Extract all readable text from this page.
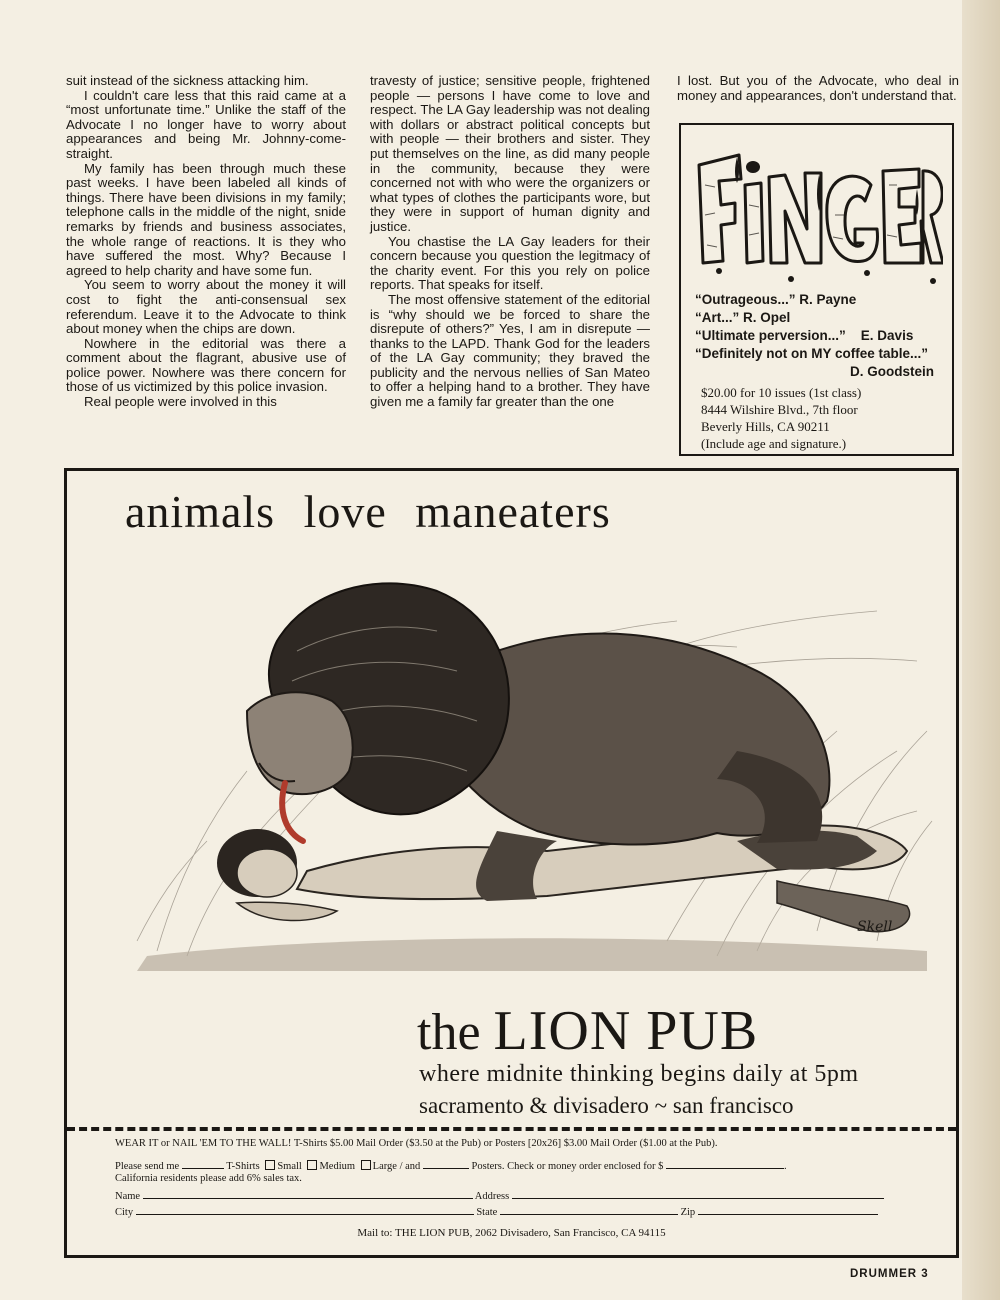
suit instead of the sickness attacking him.

I couldn't care less that this raid came at a “most unfortunate time.” Unlike the staff of the Advocate I no longer have to worry about appearances and being Mr. Johnny-come-straight.

My family has been through much these past weeks. I have been labeled all kinds of things. There have been divisions in my family; telephone calls in the middle of the night, snide remarks by friends and business associates, the whole range of reactions. It is they who have suffered the most. Why? Because I agreed to help charity and have some fun.

You seem to worry about the money it will cost to fight the anti-consensual sex referendum. Leave it to the Advocate to think about money when the chips are down.

Nowhere in the editorial was there a comment about the flagrant, abusive use of police power. Nowhere was there concern for those of us victimized by this police invasion.

Real people were involved in this

travesty of justice; sensitive people, frightened people — persons I have come to love and respect. The LA Gay leadership was not dealing with dollars or abstract political concepts but with people — their brothers and sister. They put themselves on the line, as did many people in the community, because they were concerned not with who were the organizers or what types of clothes the participants wore, but they were in support of human dignity and justice.

You chastise the LA Gay leaders for their concern because you question the legitmacy of the charity event. For this you rely on police reports. That speaks for itself.

The most offensive statement of the editorial is “why should we be forced to share the disrepute of others?” Yes, I am in disrepute — thanks to the LAPD. Thank God for the leaders of the LA Gay community; they braved the publicity and the nervous nellies of San Mateo to offer a helping hand to a brother. They have given me a family far greater than the one

I lost. But you of the Advocate, who deal in money and appearances, don't understand that.

“Outrageous...” R. Payne
“Art...” R. Opel
“Ultimate perversion...”    E. Davis
“Definitely not on MY coffee table...”
D. Goodstein
$20.00 for 10 issues (1st class)
8444 Wilshire Blvd., 7th floor
Beverly Hills, CA 90211
(Include age and signature.)
animals love maneaters
Skell
the LION PUB
where midnite thinking begins daily at 5pm
sacramento & divisadero ~ san francisco
WEAR IT or NAIL 'EM TO THE WALL! T-Shirts $5.00 Mail Order ($3.50 at the Pub) or Posters [20x26] $3.00 Mail Order ($1.00 at the Pub).
Please send me	T-Shirts Small Medium Large / and	Posters. Check or money order enclosed for $	.
California residents please add 6% sales tax.
Name	Address
City	State	Zip
Mail to: THE LION PUB, 2062 Divisadero, San Francisco, CA 94115
DRUMMER 3
